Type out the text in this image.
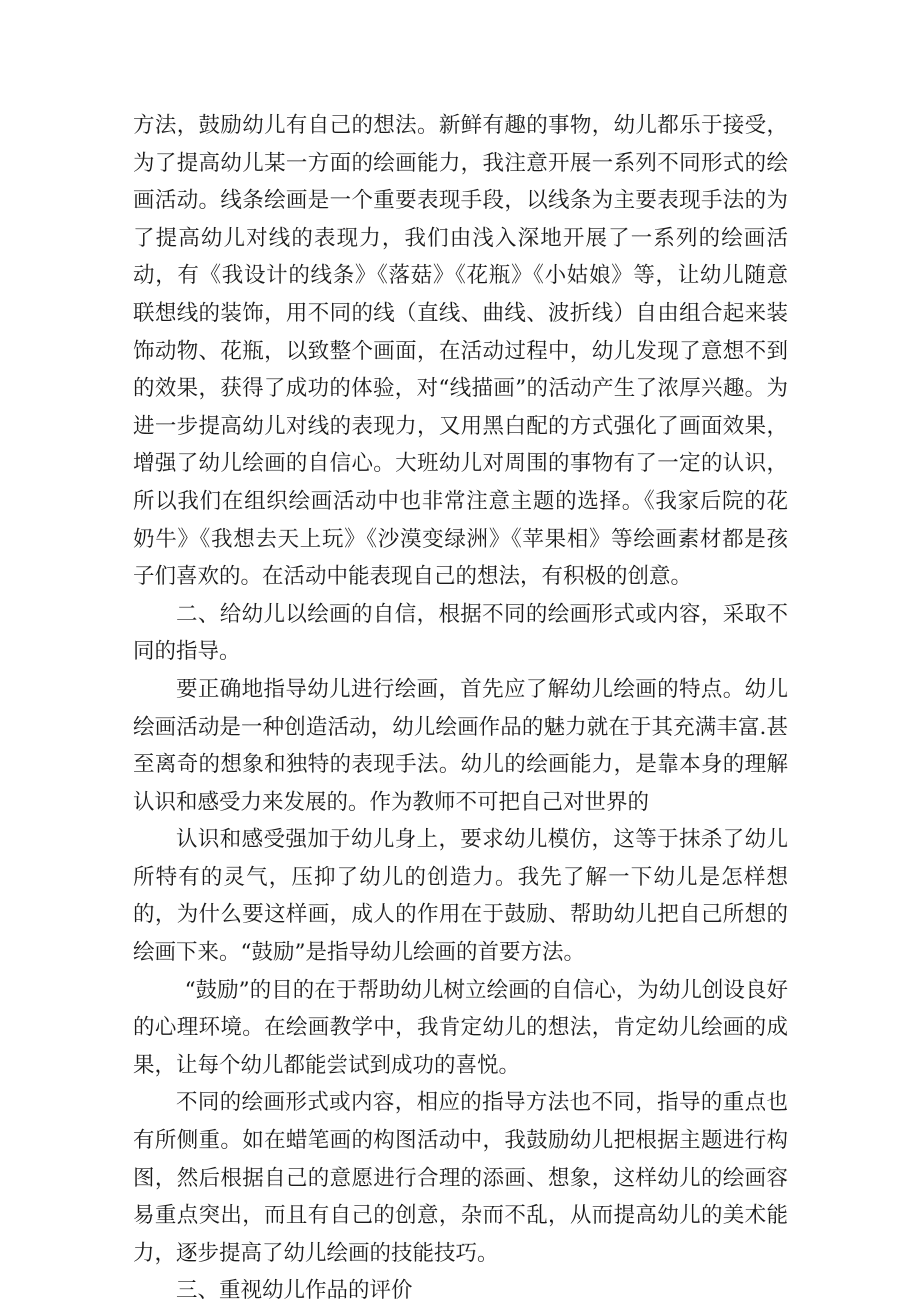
方法，鼓励幼儿有自己的想法。新鲜有趣的事物，幼儿都乐于接受，为了提高幼儿某一方面的绘画能力，我注意开展一系列不同形式的绘画活动。线条绘画是一个重要表现手段，以线条为主要表现手法的为了提高幼儿对线的表现力，我们由浅入深地开展了一系列的绘画活动，有《我设计的线条》《落菇》《花瓶》《小姑娘》等，让幼儿随意联想线的装饰，用不同的线（直线、曲线、波折线）自由组合起来装饰动物、花瓶，以致整个画面，在活动过程中，幼儿发现了意想不到的效果，获得了成功的体验，对“线描画”的活动产生了浓厚兴趣。为进一步提高幼儿对线的表现力，又用黑白配的方式强化了画面效果，增强了幼儿绘画的自信心。大班幼儿对周围的事物有了一定的认识，所以我们在组织绘画活动中也非常注意主题的选择。《我家后院的花奶牛》《我想去天上玩》《沙漠变绿洲》《苹果相》等绘画素材都是孩子们喜欢的。在活动中能表现自己的想法，有积极的创意。

二、给幼儿以绘画的自信，根据不同的绘画形式或内容，采取不同的指导。

要正确地指导幼儿进行绘画，首先应了解幼儿绘画的特点。幼儿绘画活动是一种创造活动，幼儿绘画作品的魅力就在于其充满丰富.甚至离奇的想象和独特的表现手法。幼儿的绘画能力，是靠本身的理解认识和感受力来发展的。作为教师不可把自己对世界的

认识和感受强加于幼儿身上，要求幼儿模仿，这等于抹杀了幼儿所特有的灵气，压抑了幼儿的创造力。我先了解一下幼儿是怎样想的，为什么要这样画，成人的作用在于鼓励、帮助幼儿把自己所想的绘画下来。“鼓励”是指导幼儿绘画的首要方法。

“鼓励”的目的在于帮助幼儿树立绘画的自信心，为幼儿创设良好的心理环境。在绘画教学中，我肯定幼儿的想法，肯定幼儿绘画的成果，让每个幼儿都能尝试到成功的喜悦。

不同的绘画形式或内容，相应的指导方法也不同，指导的重点也有所侧重。如在蜡笔画的构图活动中，我鼓励幼儿把根据主题进行构图，然后根据自己的意愿进行合理的添画、想象，这样幼儿的绘画容易重点突出，而且有自己的创意，杂而不乱，从而提高幼儿的美术能力，逐步提高了幼儿绘画的技能技巧。

三、重视幼儿作品的评价
